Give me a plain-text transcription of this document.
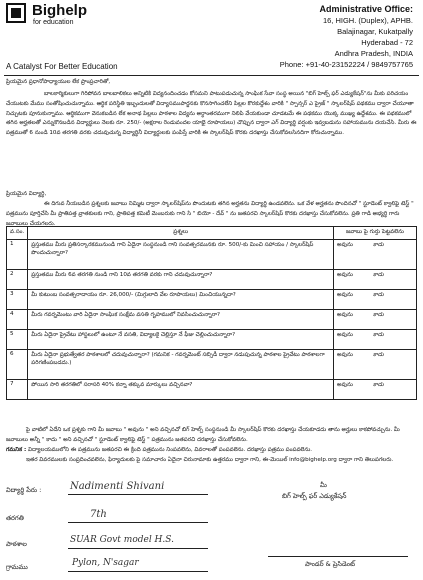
Bighelp
for education
A Catalyst For Better Education
Administrative Office:
16, HIGH. (Duplex), APHB.
Balajinagar, Kukatpally
Hyderabad - 72
Andhra Pradesh, INDIA
Phone: +91-40-23152224 / 9849757765
ప్రియమైన ప్రధానోపాధ్యాయుల లేక ప్రాంప్రచారితో,
బాలకార్మికులుగా గిరిపోవన బాలబాలికలు అన్నిటికి విద్యనందించడం కోసమని పాటుపడుచున్న సాంఘిక సేవా సంస్థ అయిన "బిగ్ హెల్ప్ ఫర్ ఎడ్యుకేషన్"ను మీకు పరిచయం చేయుటకు మేము సంతోషించుచున్నాము. ఆర్థిక పరిస్థితి ఇబ్బందులతో విద్యాసముపార్జనకు కొనసాగించలేని పిల్లల కొరకుద్దేశం వారికి " స్పాన్సర్ ఎ ప్రైజ్ " స్కాలర్‌షిప్ పథకము ద్వారా చేయూతా నిచ్చుటకు పూనుకున్నాము. ఆర్థికముగా వెనుకబడిన లేక అనాథ పిల్లలు పాఠశాల విద్యను అర్ధాంతరముగా నిలిపి వేయకుండా చూడటమే ఈ పథకము యొక్క ముఖ్య ఉద్దేశము. ఈ పథకములో తగిన అర్హతలతో ఎన్నుకొనబడిన విద్యార్థులు నెలకు రూ. 250/- (అక్షరాల రెండువందల యాభై రూపాయలు) చొప్పున ద్వారా ఎగ్ విద్యార్థి వర్షంకు ఇవ్వబడును సహాయమును దయచేసి. మీరు ఈ పత్రముతో 6 నుండి 10వ తరగతి వరకు చదువుచున్న విద్యార్థినీ విద్యార్థులకు పంపిస్తే వారికి ఈ స్కాలర్‌షిప్ కొరకు దరఖాస్తు చేసుకోవలసినదిగా కోరుచున్నాము.
ప్రియమైన విద్యార్థి,
ఈ దిగువ నీయబడిన ప్రశ్నలకు జవాబు నిమ్మిట ద్వారా స్కాలర్‌షిప్‌ను పొందుటకు తగిన అర్హతను విద్యార్థి ఉండవలెను. ఒక వేళ అర్హతను పొందినచో " స్టూడెంట్ క్వాలిఫై టెస్ట్ " పత్రమును పూర్తిచేసి మీ ప్రాతిపత్త వ్రాతకులకు గాని, ప్రాతిపత్త కమిటీ మెంబరుకు గాని సి " బియో - దేవ్ " ను జతపరచి స్కాలర్‌షిప్ కొరకు దరఖాస్తు చేసుకోవలెను. ప్రతి గాడి అభ్యర్థి గారు జవాబులు చేయగలరు.
వ.సం.	ప్రశ్నలు	జవాబు పై గుర్తు పెట్టవలెను
1	ప్రస్తుతము మీరు ప్రతిసర్కారకమునుండి గాని ఏదైనా సంస్థనుండి గాని సంవత్సరమునకు రూ. 500/-కు మించి సహాయం / స్కాలర్‌షిప్ పొందుచున్నారా?	అవును కాదు
2	ప్రస్తుతము మీరు 6వ తరగతి నుండి గాని 10వ తరగతి వరకు గాని చదువుచున్నారా?	అవును కాదు
3	మీ కుటుంబ సంవత్సరాదాయం రూ. 26,000/- (మిగ్గులాది వేల రూపాయలు) మించియున్నదా?	అవును కాదు
4	మీరు గవర్నమెంటు వారి ఏదైనా సాంఘిక సంక్షేమ వసతి గృహములో నివసించుచున్నారా?	అవును కాదు
5	మీరు ఏదైనా ప్రైవేటు హాస్టలులో ఉంటూ నే వసతి, విద్యాలకై చెల్లిస్తూ నే ఫీజు చెల్లించుచున్నారా?	అవును కాదు
6	మీరు ఏదైనా ప్రభుత్వేతర పాఠశాలలో చదువుచున్నారా? (గమనిక - గవర్నమెంట్ సబ్సిడీ ద్వారా నడుపుచున్న పాఠశాల ప్రైవేటు పాఠశాలగా పరిగణింపబడదు.)	అవును కాదు
7	పోయిన సారి తరగతిలో సరాసరి 40% కన్నా తక్కువ మార్కులు వచ్చినవా?	అవును కాదు
పై వాటిలో ఏదేని ఒక ప్రశ్నకు గాని మీ జవాబు " అవును " అని వచ్చినచో బిగ్ హెల్ప్ సంస్థనుండి మీ స్కాలర్‌షిప్ కొరకు దరఖాస్తు చేయకూడదు తాను అర్హులు కాకపోవచ్చును. మీ జవాబులు అన్నీ " కాదు " అని వచ్చినచో " స్టూడెంట్ క్వాలిఫై టెస్ట్ " పత్రమును జతపరచి దరఖాస్తు చేసుకోవలెను.
గమనిక : విద్యాలయములోని ఈ పత్రమును జతపరచి ఈ క్రింది పత్రమును నింపవలెను, వివరాలతో పంపవలెను. దరఖాస్తు పత్రము పంపవలెను.
ఇతర వివరములకు సంప్రదించవలెను, ఫిర్యాదులకు పై సమాచారం ఏదైనా చిరునామాకు ఉత్తరము ద్వారా గాని, ఈ-మెయిల్ info@bighelp.org ద్వారా గాని తెలుపగలరు.
విద్యార్థి పేరు :	Nadimenti Shivani
తరగతి	7th
పాఠశాల	SUAR Govt model H.S.
గ్రామము	Pylon, N'sagar
మీ
బిగ్ హెల్ప్ ఫర్ ఎడ్యుకేషన్
పాండర్ & ప్రెసిడెంట్
